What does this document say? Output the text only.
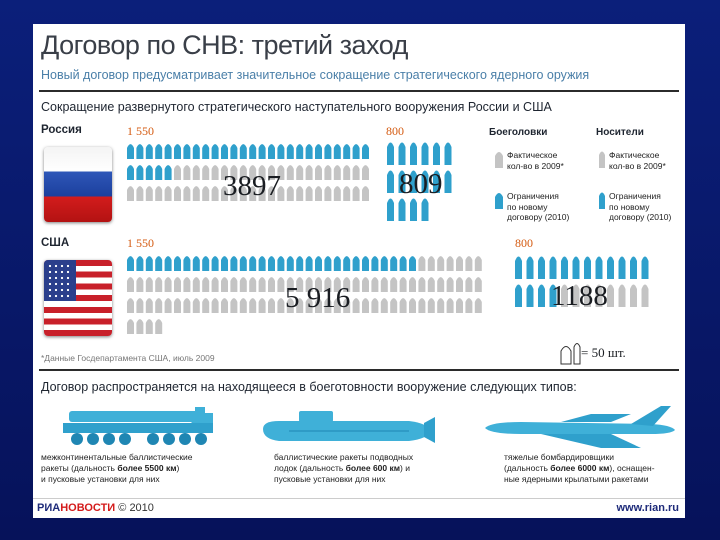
Договор по СНВ: третий заход
Новый договор предусматривает значительное сокращение стратегического ядерного оружия
Сокращение развернутого стратегического наступательного вооружения России и США
Россия	1 550	800
3897	809
Боеголовки	Носители
Фактическое
кол-во в 2009*
Фактическое
кол-во в 2009*
Ограничения
по новому
договору (2010)
Ограничения
по новому
договору (2010)
США	1 550	800
5 916	1188
*Данные Госдепартамента США, июль 2009	= 50 шт.
Договор распространяется на находящееся в боеготовности вооружение следующих типов:
межконтинентальные баллистические
ракеты (дальность более 5500 км)
и пусковые установки для них
баллистические ракеты подводных
лодок (дальность более 600 км) и
пусковые установки для них
тяжелые бомбардировщики
(дальность более 6000 км), оснащен-
ные ядерными крылатыми ракетами
РИАНОВОСТИ © 2010	www.rian.ru
